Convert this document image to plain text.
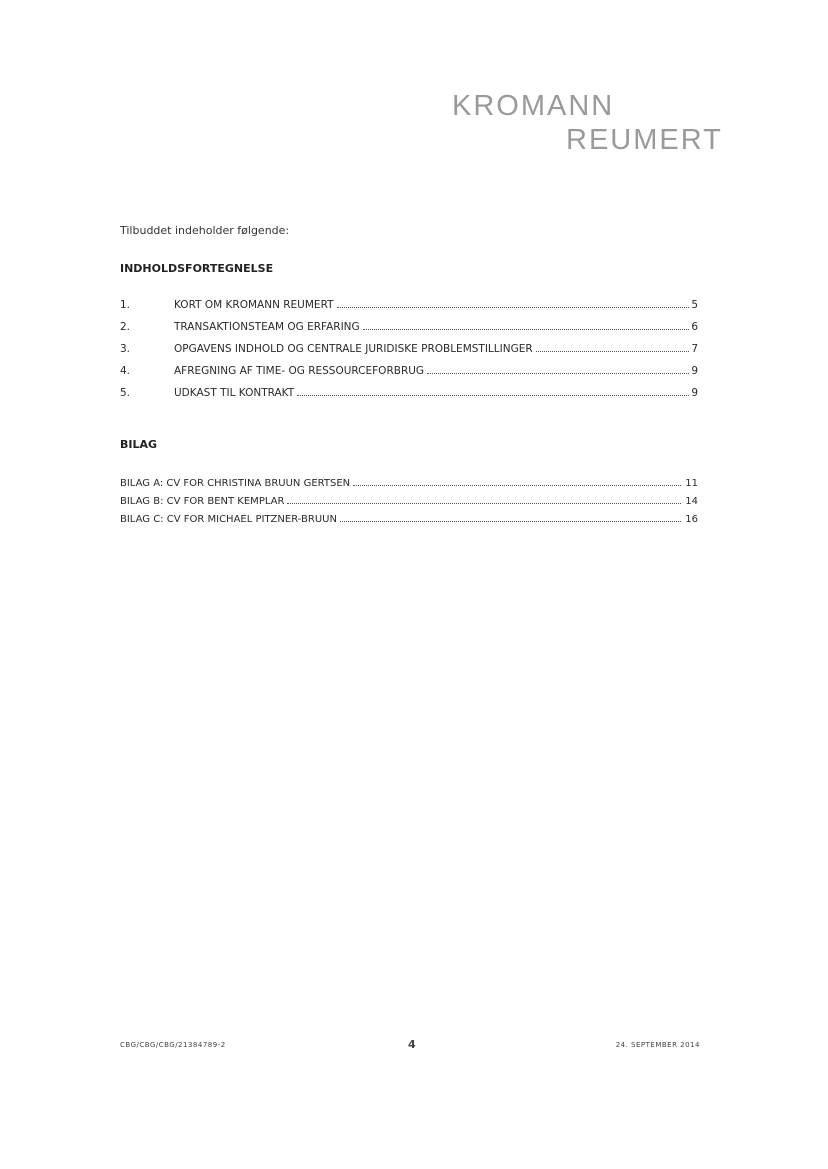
KROMANN
REUMERT
Tilbuddet indeholder følgende:
INDHOLDSFORTEGNELSE
1.	KORT OM KROMANN REUMERT	5
2.	TRANSAKTIONSTEAM OG ERFARING	6
3.	OPGAVENS INDHOLD OG CENTRALE JURIDISKE PROBLEMSTILLINGER	7
4.	AFREGNING AF TIME- OG RESSOURCEFORBRUG	9
5.	UDKAST TIL KONTRAKT	9
BILAG
BILAG A: CV FOR CHRISTINA BRUUN GERTSEN	11
BILAG B: CV FOR BENT KEMPLAR	14
BILAG C: CV FOR MICHAEL PITZNER-BRUUN	16
CBG/CBG/CBG/21384789-2	4	24. SEPTEMBER 2014
